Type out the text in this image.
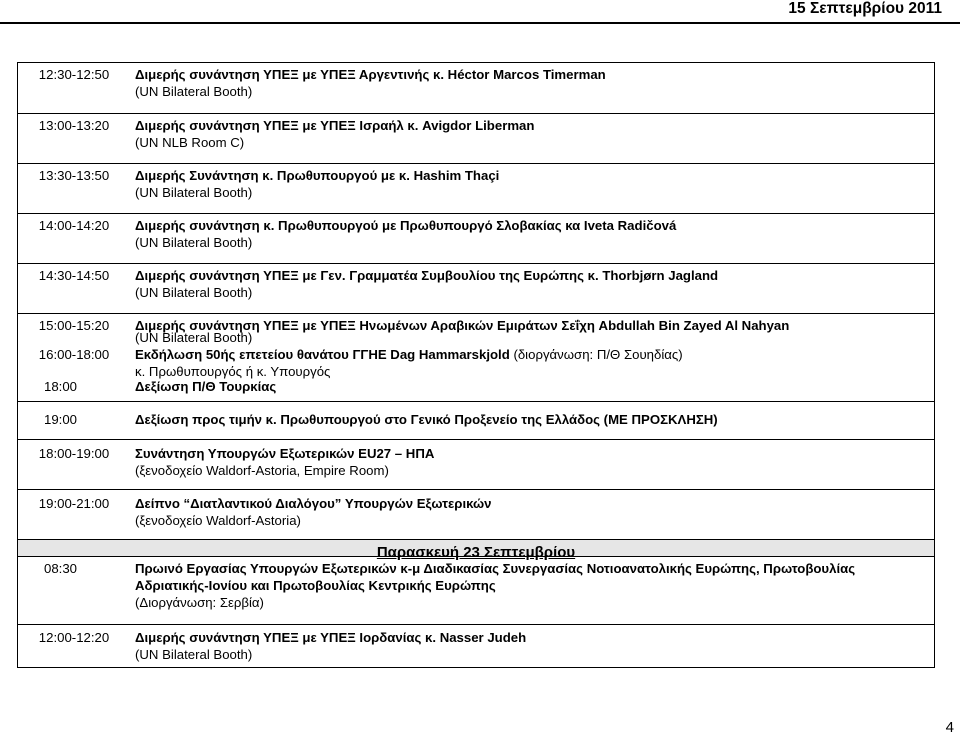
15 Σεπτεμβρίου 2011
12:30-12:50	Διμερής συνάντηση ΥΠΕΞ με ΥΠΕΞ Αργεντινής κ. Héctor Marcos Timerman
(UN Bilateral Booth)
13:00-13:20	Διμερής συνάντηση ΥΠΕΞ με ΥΠΕΞ Ισραήλ κ. Avigdor Liberman
(UN NLB Room C)
13:30-13:50	Διμερής Συνάντηση κ. Πρωθυπουργού με κ. Hashim Thaçi
(UN Bilateral Booth)
14:00-14:20	Διμερής συνάντηση κ. Πρωθυπουργού με Πρωθυπουργό Σλοβακίας κα Iveta Radičová
(UN Bilateral Booth)
14:30-14:50	Διμερής συνάντηση ΥΠΕΞ με Γεν. Γραμματέα Συμβουλίου της Ευρώπης κ. Thorbjørn Jagland
(UN Bilateral Booth)
15:00-15:20	Διμερής συνάντηση ΥΠΕΞ με ΥΠΕΞ Ηνωμένων Αραβικών Εμιράτων Σεΐχη Abdullah Bin Zayed Al Nahyan
(UN Bilateral Booth)
16:00-18:00	Εκδήλωση 50ής επετείου θανάτου ΓΓΗΕ Dag Hammarskjold (διοργάνωση: Π/Θ Σουηδίας)
κ. Πρωθυπουργός ή κ. Υπουργός
18:00	Δεξίωση Π/Θ Τουρκίας
19:00	Δεξίωση προς τιμήν κ. Πρωθυπουργού στο Γενικό Προξενείο της Ελλάδος (ΜΕ ΠΡΟΣΚΛΗΣΗ)
18:00-19:00	Συνάντηση Υπουργών Εξωτερικών EU27 – ΗΠΑ
(ξενοδοχείο Waldorf-Astoria, Empire Room)
19:00-21:00	Δείπνο “Διατλαντικού Διαλόγου” Υπουργών Εξωτερικών
(ξενοδοχείο Waldorf-Astoria)
Παρασκευή 23 Σεπτεμβρίου
08:30	Πρωινό Εργασίας Υπουργών Εξωτερικών κ-μ Διαδικασίας Συνεργασίας Νοτιοανατολικής Ευρώπης, Πρωτοβουλίας
Αδριατικής-Ιονίου και Πρωτοβουλίας Κεντρικής Ευρώπης
(Διοργάνωση: Σερβία)
12:00-12:20	Διμερής συνάντηση ΥΠΕΞ με ΥΠΕΞ Ιορδανίας κ. Nasser Judeh
(UN Bilateral Booth)
4
